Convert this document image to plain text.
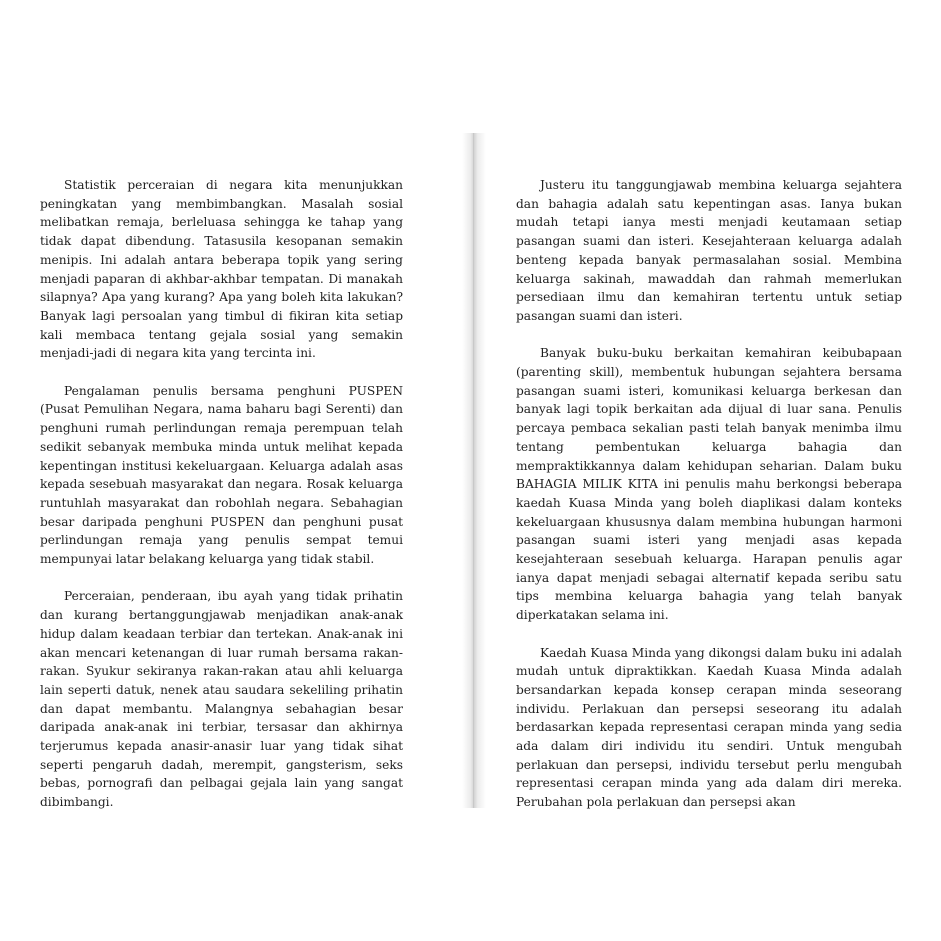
Statistik perceraian di negara kita menunjukkan peningkatan yang membimbangkan. Masalah sosial melibatkan remaja, berleluasa sehingga ke tahap yang tidak dapat dibendung. Tatasusila kesopanan semakin menipis. Ini adalah antara beberapa topik yang sering menjadi paparan di akhbar-akhbar tempatan. Di manakah silapnya? Apa yang kurang? Apa yang boleh kita lakukan? Banyak lagi persoalan yang timbul di fikiran kita setiap kali membaca tentang gejala sosial yang semakin menjadi-jadi di negara kita yang tercinta ini.

Pengalaman penulis bersama penghuni PUSPEN (Pusat Pemulihan Negara, nama baharu bagi Serenti) dan penghuni rumah perlindungan remaja perempuan telah sedikit sebanyak membuka minda untuk melihat kepada kepentingan institusi kekeluargaan. Keluarga adalah asas kepada sesebuah masyarakat dan negara. Rosak keluarga runtuhlah masyarakat dan robohlah negara. Sebahagian besar daripada penghuni PUSPEN dan penghuni pusat perlindungan remaja yang penulis sempat temui mempunyai latar belakang keluarga yang tidak stabil.

Perceraian, penderaan, ibu ayah yang tidak prihatin dan kurang bertanggungjawab menjadikan anak-anak hidup dalam keadaan terbiar dan tertekan. Anak-anak ini akan mencari ketenangan di luar rumah bersama rakan-rakan. Syukur sekiranya rakan-rakan atau ahli keluarga lain seperti datuk, nenek atau saudara sekeliling prihatin dan dapat membantu. Malangnya sebahagian besar daripada anak-anak ini terbiar, tersasar dan akhirnya terjerumus kepada anasir-anasir luar yang tidak sihat seperti pengaruh dadah, merempit, gangsterism, seks bebas, pornografi dan pelbagai gejala lain yang sangat dibimbangi.

Justeru itu tanggungjawab membina keluarga sejahtera dan bahagia adalah satu kepentingan asas. Ianya bukan mudah tetapi ianya mesti menjadi keutamaan setiap pasangan suami dan isteri. Kesejahteraan keluarga adalah benteng kepada banyak permasalahan sosial. Membina keluarga sakinah, mawaddah dan rahmah memerlukan persediaan ilmu dan kemahiran tertentu untuk setiap pasangan suami dan isteri.

Banyak buku-buku berkaitan kemahiran keibubapaan (parenting skill), membentuk hubungan sejahtera bersama pasangan suami isteri, komunikasi keluarga berkesan dan banyak lagi topik berkaitan ada dijual di luar sana. Penulis percaya pembaca sekalian pasti telah banyak menimba ilmu tentang pembentukan keluarga bahagia dan mempraktikkannya dalam kehidupan seharian. Dalam buku BAHAGIA MILIK KITA ini penulis mahu berkongsi beberapa kaedah Kuasa Minda yang boleh diaplikasi dalam konteks kekeluargaan khususnya dalam membina hubungan harmoni pasangan suami isteri yang menjadi asas kepada kesejahteraan sesebuah keluarga. Harapan penulis agar ianya dapat menjadi sebagai alternatif kepada seribu satu tips membina keluarga bahagia yang telah banyak diperkatakan selama ini.

Kaedah Kuasa Minda yang dikongsi dalam buku ini adalah mudah untuk dipraktikkan. Kaedah Kuasa Minda adalah bersandarkan kepada konsep cerapan minda seseorang individu. Perlakuan dan persepsi seseorang itu adalah berdasarkan kepada representasi cerapan minda yang sedia ada dalam diri individu itu sendiri. Untuk mengubah perlakuan dan persepsi, individu tersebut perlu mengubah representasi cerapan minda yang ada dalam diri mereka. Perubahan pola perlakuan dan persepsi akan
